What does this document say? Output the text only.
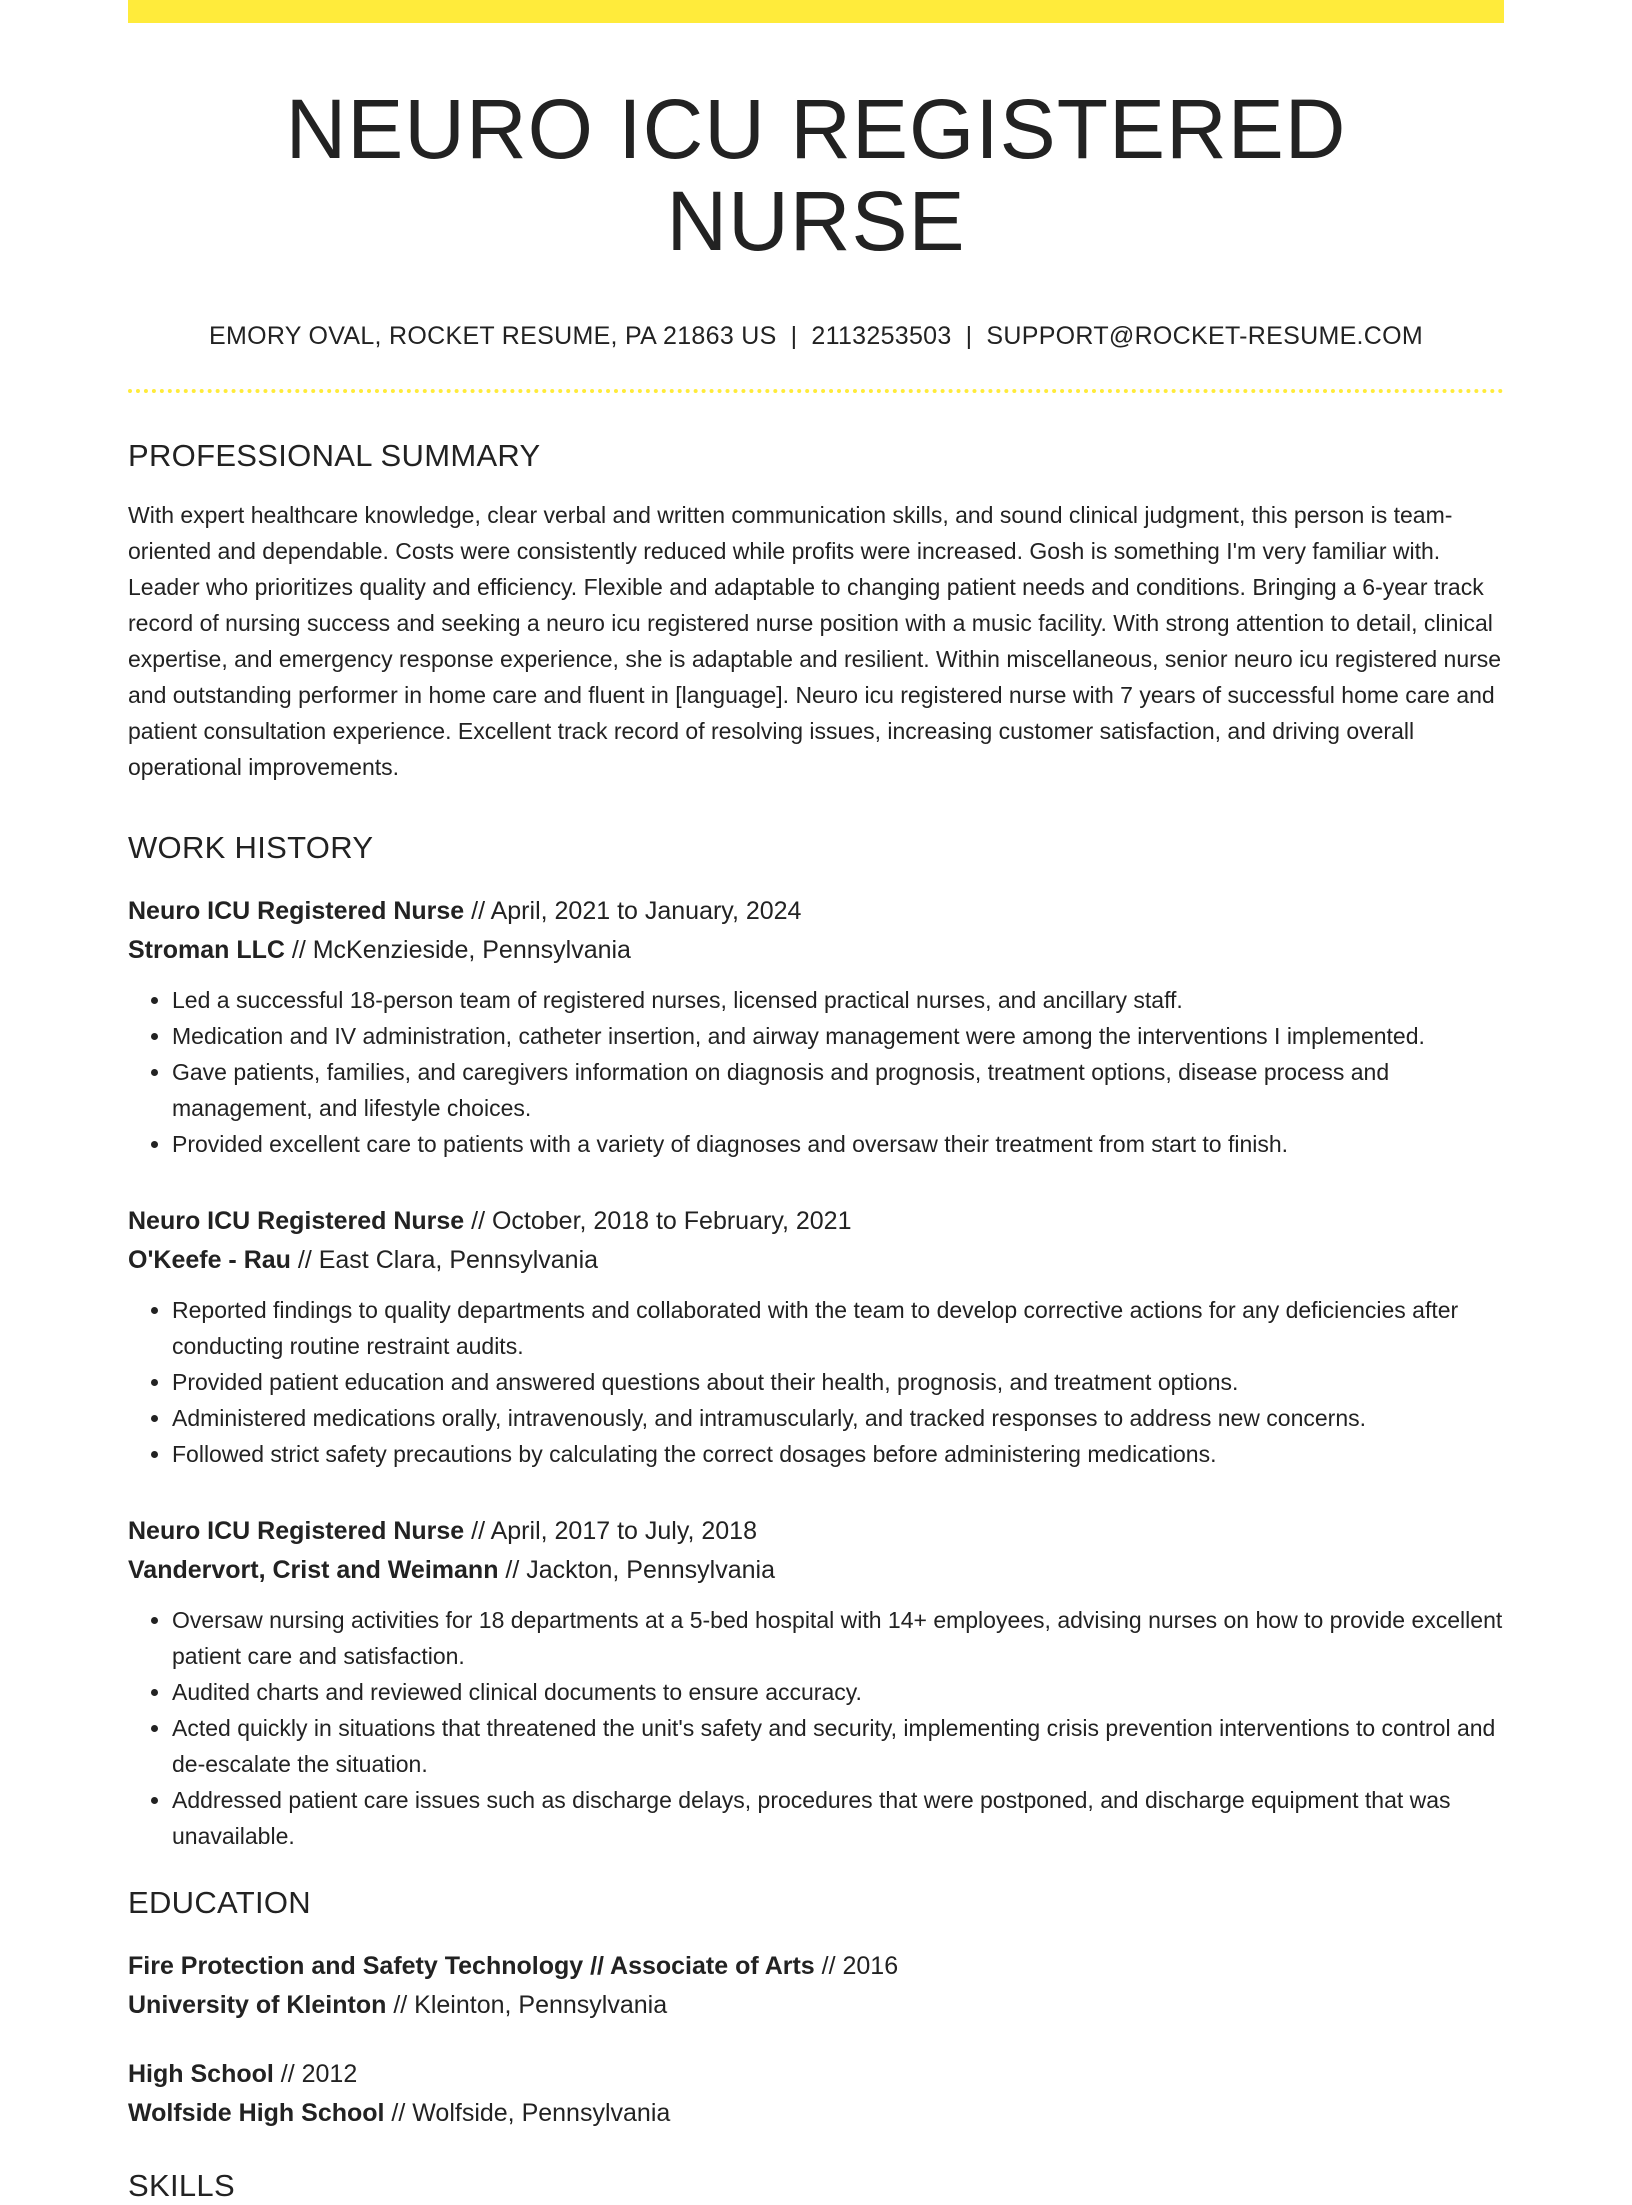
NEURO ICU REGISTERED NURSE
EMORY OVAL, ROCKET RESUME, PA 21863 US | 2113253503 | SUPPORT@ROCKET-RESUME.COM
PROFESSIONAL SUMMARY

With expert healthcare knowledge, clear verbal and written communication skills, and sound clinical judgment, this person is team-oriented and dependable. Costs were consistently reduced while profits were increased. Gosh is something I'm very familiar with. Leader who prioritizes quality and efficiency. Flexible and adaptable to changing patient needs and conditions. Bringing a 6-year track record of nursing success and seeking a neuro icu registered nurse position with a music facility. With strong attention to detail, clinical expertise, and emergency response experience, she is adaptable and resilient. Within miscellaneous, senior neuro icu registered nurse and outstanding performer in home care and fluent in [language]. Neuro icu registered nurse with 7 years of successful home care and patient consultation experience. Excellent track record of resolving issues, increasing customer satisfaction, and driving overall operational improvements.

WORK HISTORY
Neuro ICU Registered Nurse // April, 2021 to January, 2024
Stroman LLC // McKenzieside, Pennsylvania
• Led a successful 18-person team of registered nurses, licensed practical nurses, and ancillary staff.
• Medication and IV administration, catheter insertion, and airway management were among the interventions I implemented.
• Gave patients, families, and caregivers information on diagnosis and prognosis, treatment options, disease process and management, and lifestyle choices.
• Provided excellent care to patients with a variety of diagnoses and oversaw their treatment from start to finish.
Neuro ICU Registered Nurse // October, 2018 to February, 2021
O'Keefe - Rau // East Clara, Pennsylvania
• Reported findings to quality departments and collaborated with the team to develop corrective actions for any deficiencies after conducting routine restraint audits.
• Provided patient education and answered questions about their health, prognosis, and treatment options.
• Administered medications orally, intravenously, and intramuscularly, and tracked responses to address new concerns.
• Followed strict safety precautions by calculating the correct dosages before administering medications.
Neuro ICU Registered Nurse // April, 2017 to July, 2018
Vandervort, Crist and Weimann // Jackton, Pennsylvania
• Oversaw nursing activities for 18 departments at a 5-bed hospital with 14+ employees, advising nurses on how to provide excellent patient care and satisfaction.
• Audited charts and reviewed clinical documents to ensure accuracy.
• Acted quickly in situations that threatened the unit's safety and security, implementing crisis prevention interventions to control and de-escalate the situation.
• Addressed patient care issues such as discharge delays, procedures that were postponed, and discharge equipment that was unavailable.
EDUCATION
Fire Protection and Safety Technology // Associate of Arts // 2016
University of Kleinton // Kleinton, Pennsylvania
High School // 2012
Wolfside High School // Wolfside, Pennsylvania
SKILLS
